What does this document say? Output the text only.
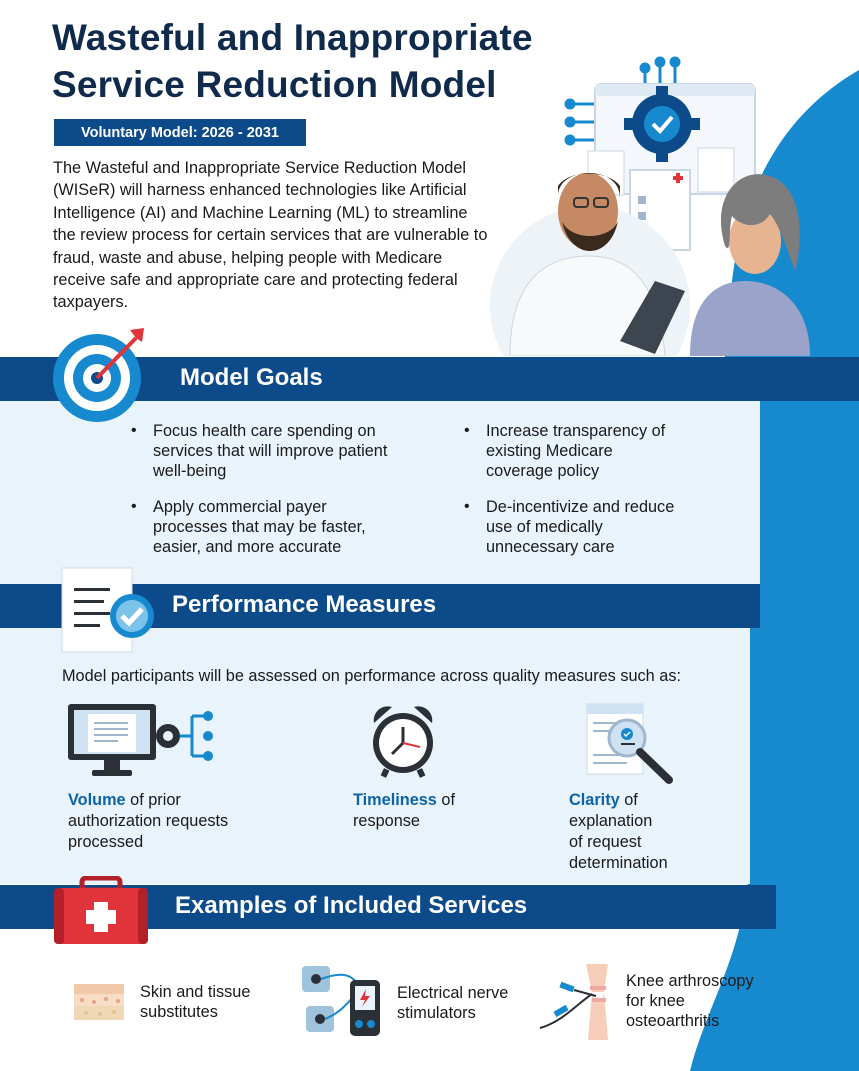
Wasteful and Inappropriate
Service Reduction Model
Voluntary Model: 2026 - 2031
The Wasteful and Inappropriate Service Reduction Model (WISeR) will harness enhanced technologies like Artificial Intelligence (AI) and Machine Learning (ML) to streamline the review process for certain services that are vulnerable to fraud, waste and abuse, helping people with Medicare receive safe and appropriate care and protecting federal taxpayers.
Model Goals
• Focus health care spending on services that will improve patient well-being
• Apply commercial payer processes that may be faster, easier, and more accurate
• Increase transparency of existing Medicare coverage policy
• De-incentivize and reduce use of medically unnecessary care
Performance Measures
Model participants will be assessed on performance across quality measures such as:
Volume of prior
authorization requests
processed
Timeliness of
response
Clarity of
explanation
of request
determination
Examples of Included Services
Skin and tissue
substitutes
Electrical nerve
stimulators
Knee arthroscopy
for knee
osteoarthritis
